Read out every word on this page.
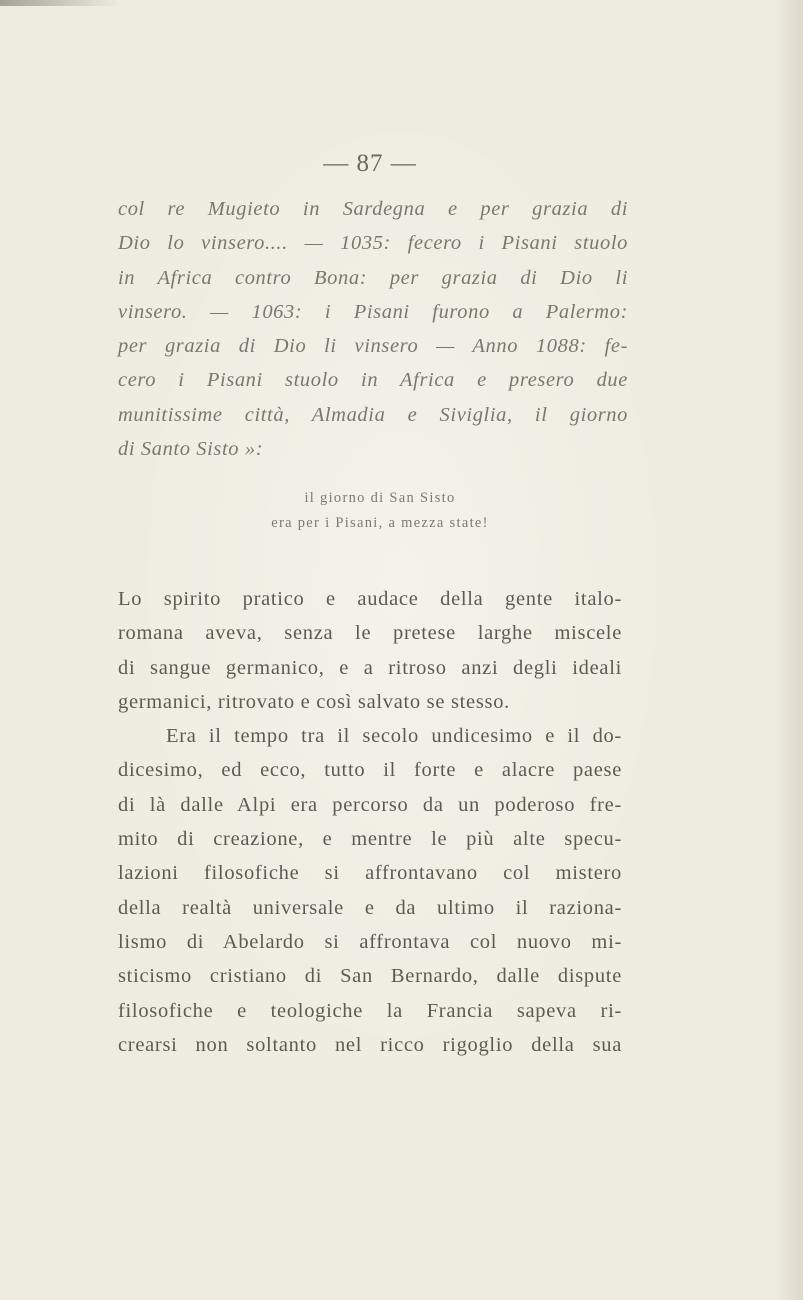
— 87 —
col re Mugieto in Sardegna e per grazia di
Dio lo vinsero.... — 1035: fecero i Pisani stuolo
in Africa contro Bona: per grazia di Dio li
vinsero. — 1063: i Pisani furono a Palermo:
per grazia di Dio li vinsero — Anno 1088: fe-
cero i Pisani stuolo in Africa e presero due
munitissime città, Almadia e Siviglia, il giorno
di Santo Sisto »:
il giorno di San Sisto
era per i Pisani, a mezza state!
Lo spirito pratico e audace della gente italo-
romana aveva, senza le pretese larghe miscele
di sangue germanico, e a ritroso anzi degli ideali
germanici, ritrovato e così salvato se stesso.
Era il tempo tra il secolo undicesimo e il do-
dicesimo, ed ecco, tutto il forte e alacre paese
di là dalle Alpi era percorso da un poderoso fre-
mito di creazione, e mentre le più alte specu-
lazioni filosofiche si affrontavano col mistero
della realtà universale e da ultimo il raziona-
lismo di Abelardo si affrontava col nuovo mi-
sticismo cristiano di San Bernardo, dalle dispute
filosofiche e teologiche la Francia sapeva ri-
crearsi non soltanto nel ricco rigoglio della sua
